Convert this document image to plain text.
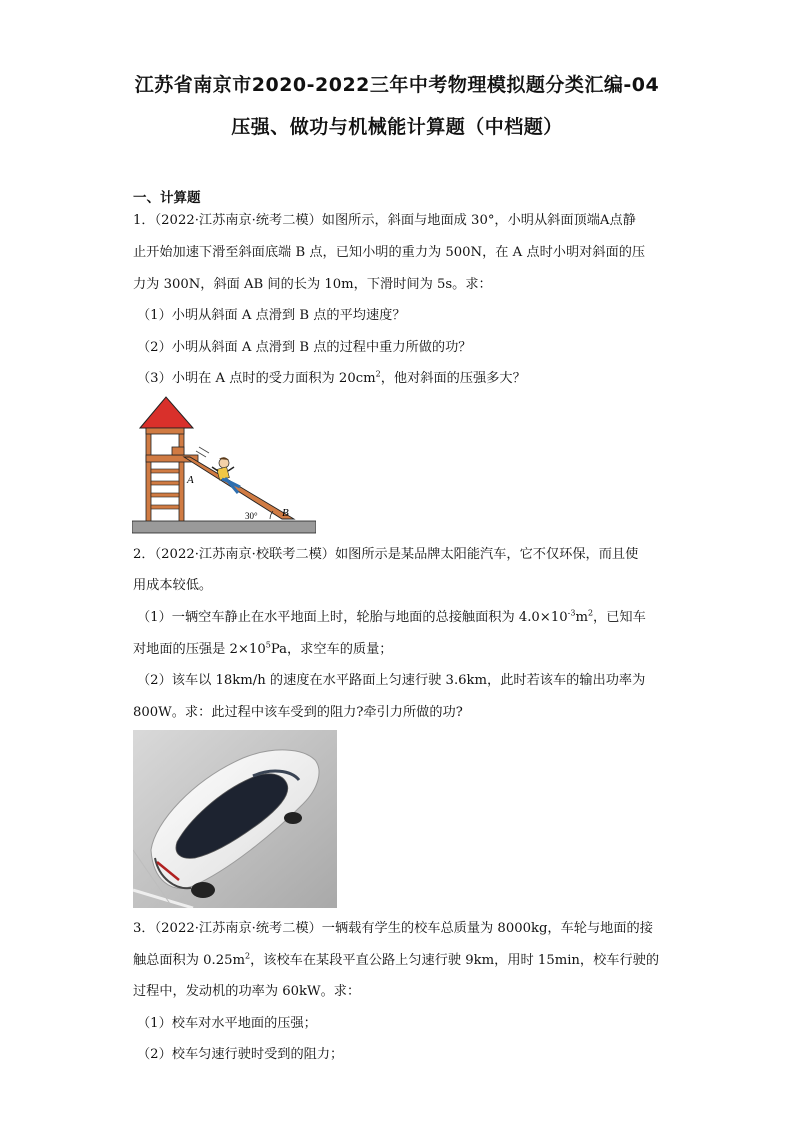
江苏省南京市2020-2022三年中考物理模拟题分类汇编-04
压强、做功与机械能计算题（中档题）
一、计算题
1．（2022·江苏南京·统考二模）如图所示，斜面与地面成 30°，小明从斜面顶端A点静
止开始加速下滑至斜面底端 B 点，已知小明的重力为 500N，在 A 点时小明对斜面的压
力为 300N，斜面 AB 间的长为 10m，下滑时间为 5s。求：
（1）小明从斜面 A 点滑到 B 点的平均速度？
（2）小明从斜面 A 点滑到 B 点的过程中重力所做的功？
（3）小明在 A 点时的受力面积为 $20cm^2$，他对斜面的压强多大？
A
B
30°
2．（2022·江苏南京·校联考二模）如图所示是某品牌太阳能汽车，它不仅环保，而且使
用成本较低。
（1）一辆空车静止在水平地面上时，轮胎与地面的总接触面积为 $4.0\times 10^{-3}m^2$，已知车
对地面的压强是 $2\times 10^5Pa$，求空车的质量；
（2）该车以 18km/h 的速度在水平路面上匀速行驶 3.6km，此时若该车的输出功率为
800W。求：此过程中该车受到的阻力?牵引力所做的功?
3．（2022·江苏南京·统考二模）一辆载有学生的校车总质量为 8000kg，车轮与地面的接
触总面积为 $0.25m^2$，该校车在某段平直公路上匀速行驶 9km，用时 15min，校车行驶的
过程中，发动机的功率为 60kW。求：
（1）校车对水平地面的压强；
（2）校车匀速行驶时受到的阻力；
